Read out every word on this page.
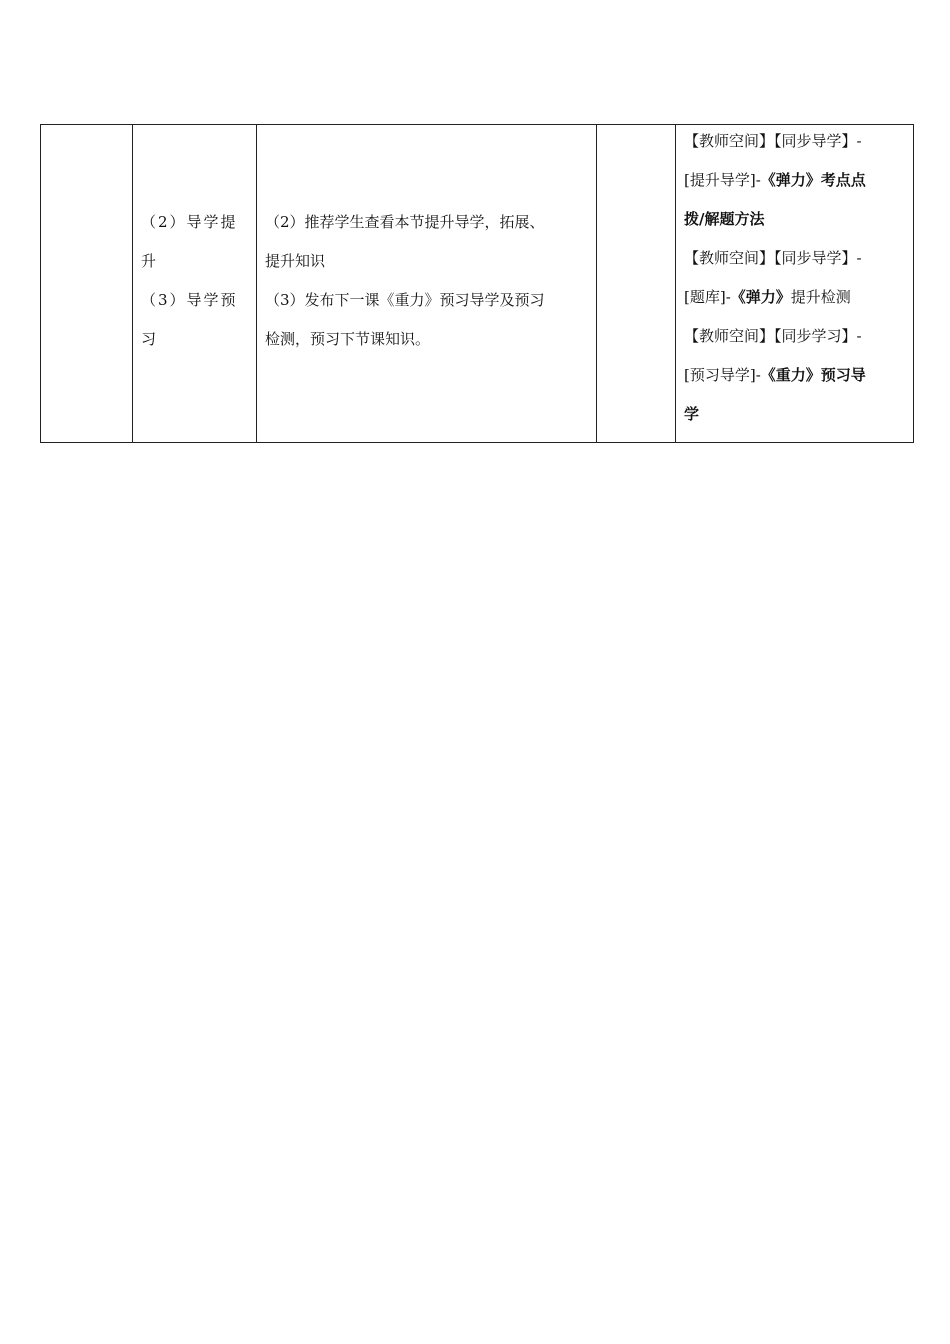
（2）导学提
升
（3）导学预
习

（2）推荐学生查看本节提升导学，拓展、
提升知识
（3）发布下一课《重力》预习导学及预习
检测，预习下节课知识。

【教师空间】【同步导学】-
[提升导学]-《弹力》考点点
拨/解题方法
【教师空间】【同步导学】-
[题库]-《弹力》提升检测
【教师空间】【同步学习】-
[预习导学]-《重力》预习导
学
